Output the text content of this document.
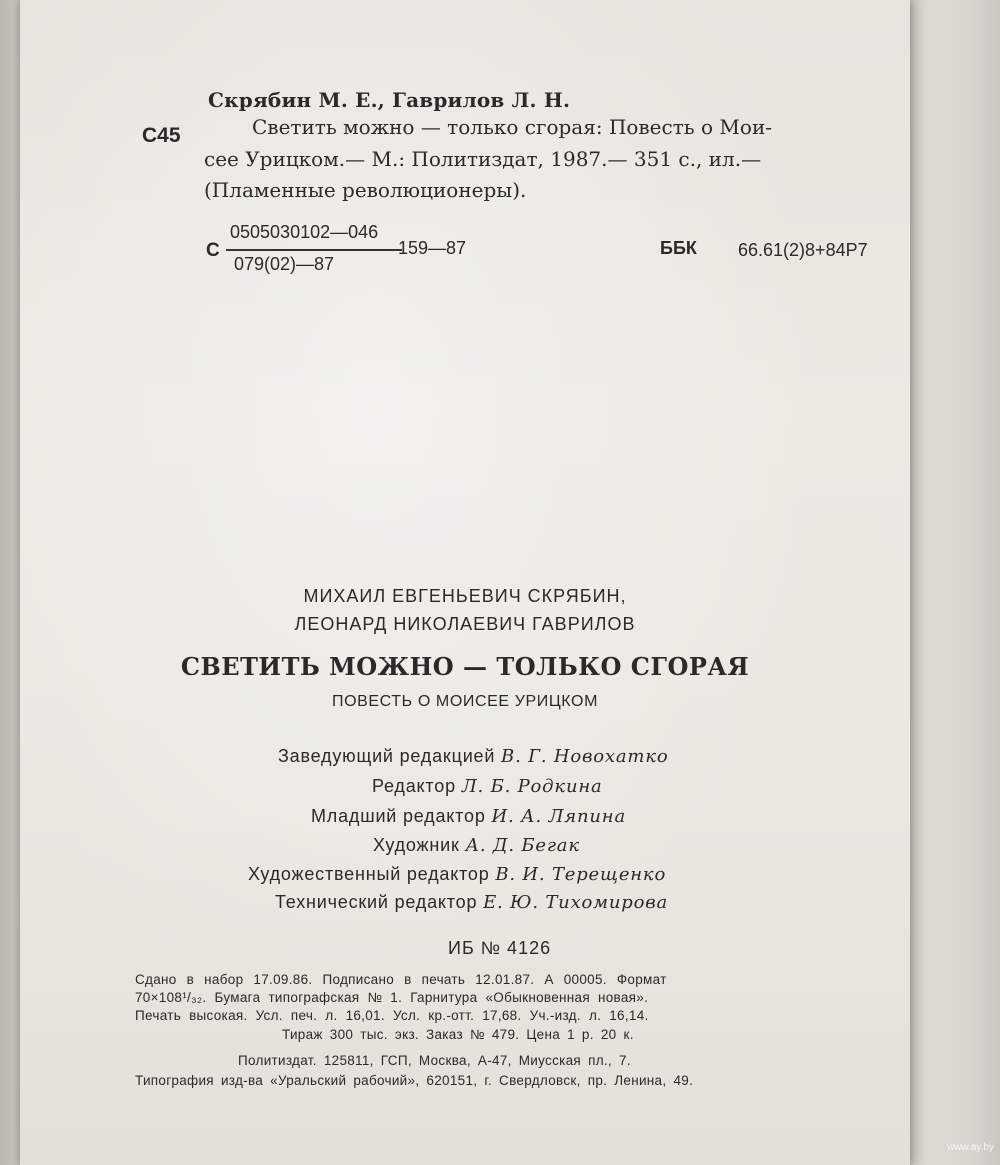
Скрябин М. Е., Гаврилов Л. Н.
С45	Светить можно — только сгорая: Повесть о Мои-
сее Урицком.— М.: Политиздат, 1987.— 351 с., ил.—
(Пламенные революционеры).
С
0505030102—046
079(02)—87
159—87	ББК 66.61(2)8+84Р7
МИХАИЛ ЕВГЕНЬЕВИЧ СКРЯБИН,
ЛЕОНАРД НИКОЛАЕВИЧ ГАВРИЛОВ
СВЕТИТЬ МОЖНО — ТОЛЬКО СГОРАЯ
ПОВЕСТЬ О МОИСЕЕ УРИЦКОМ
Заведующий редакцией В. Г. Новохатко
Редактор Л. Б. Родкина
Младший редактор И. А. Ляпина
Художник А. Д. Бегак
Художественный редактор В. И. Терещенко
Технический редактор Е. Ю. Тихомирова
ИБ № 4126
Сдано в набор 17.09.86. Подписано в печать 12.01.87. А 00005. Формат
70×108¹/₃₂. Бумага типографская № 1. Гарнитура «Обыкновенная новая».
Печать высокая. Усл. печ. л. 16,01. Усл. кр.-отт. 17,68. Уч.-изд. л. 16,14.
Тираж 300 тыс. экз. Заказ № 479. Цена 1 р. 20 к.
Политиздат. 125811, ГСП, Москва, А-47, Миусская пл., 7.
Типография изд-ва «Уральский рабочий», 620151, г. Свердловск, пр. Ленина, 49.
www.ay.by
